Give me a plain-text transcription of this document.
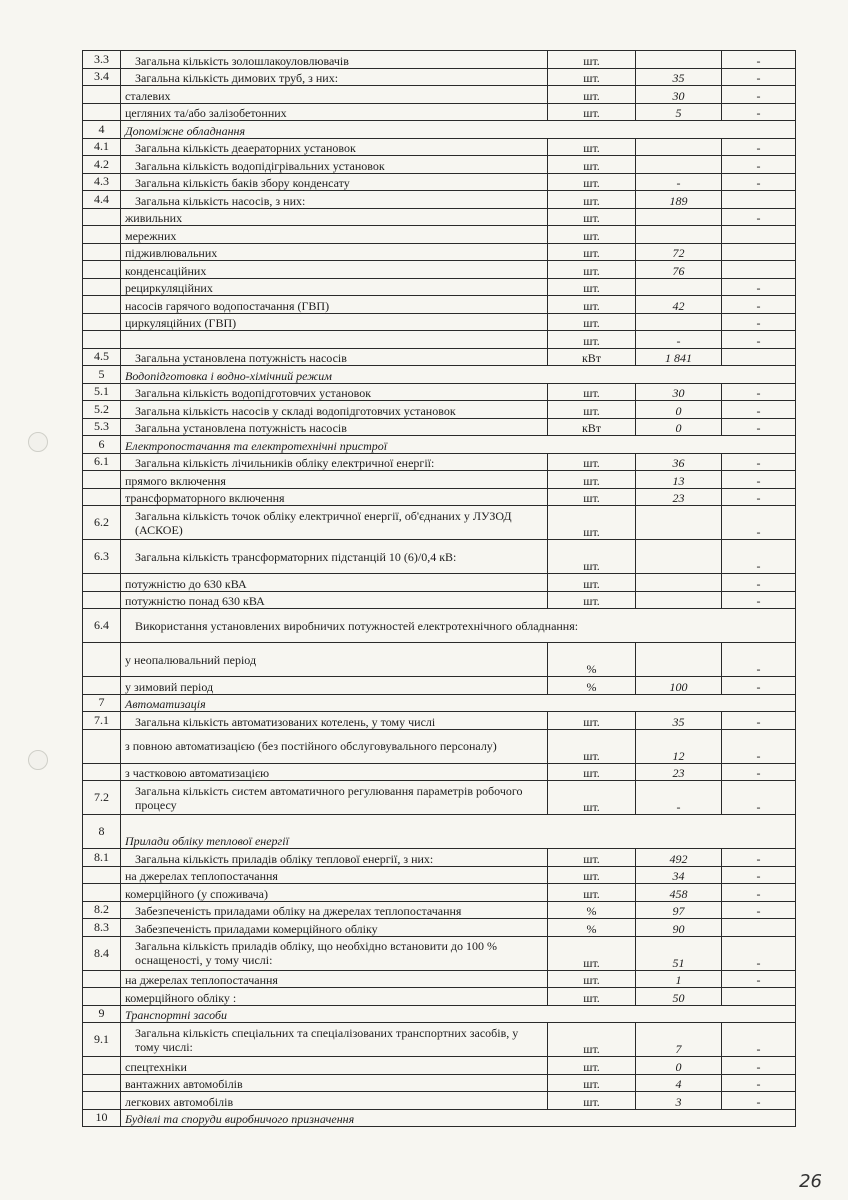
3.3	Загальна кількість золошлакоуловлювачів	шт.		-
3.4	Загальна кількість димових труб, з них:	шт.	35	-
	сталевих	шт.	30	-
	цегляних та/або залізобетонних	шт.	5	-
4	Допоміжне обладнання			
4.1	Загальна кількість деаераторних установок	шт.		-
4.2	Загальна кількість водопідігрівальних установок	шт.		-
4.3	Загальна кількість баків збору конденсату	шт.	-	-
4.4	Загальна кількість насосів, з них:	шт.	189	
	живильних	шт.		-
	мережних	шт.		
	підживлювальних	шт.	72	
	конденсаційних	шт.	76	
	рециркуляційних	шт.		-
	насосів гарячого водопостачання (ГВП)	шт.	42	-
	циркуляційних (ГВП)	шт.		-
		шт.	-	-
4.5	Загальна установлена потужність насосів	кВт	1 841	
5	Водопідготовка і водно-хімічний режим			
5.1	Загальна кількість водопідготовчих установок	шт.	30	-
5.2	Загальна кількість насосів у складі водопідготовчих установок	шт.	0	-
5.3	Загальна установлена потужність насосів	кВт	0	-
6	Електропостачання та електротехнічні пристрої			
6.1	Загальна кількість лічильників обліку електричної енергії:	шт.	36	-
	прямого включення	шт.	13	-
	трансформаторного включення	шт.	23	-
6.2	Загальна кількість точок обліку електричної енергії, об'єднаних у ЛУЗОД (АСКОЕ)	шт.		-
6.3	Загальна кількість трансформаторних підстанцій 10 (6)/0,4 кВ:	шт.		-
	потужністю до 630 кВА	шт.		-
	потужністю понад 630 кВА	шт.		-
6.4	Використання установлених виробничих потужностей електротехнічного обладнання:			
	у неопалювальний період	%		-
	у зимовий період	%	100	-
7	Автоматизація			
7.1	Загальна кількість автоматизованих котелень, у тому числі	шт.	35	-
	з повною автоматизацією (без постійного обслуговувального персоналу)	шт.	12	-
	з частковою автоматизацією	шт.	23	-
7.2	Загальна кількість систем автоматичного регулювання параметрів робочого процесу	шт.	-	-
8	Прилади обліку теплової енергії			
8.1	Загальна кількість приладів обліку теплової енергії, з них:	шт.	492	-
	на джерелах теплопостачання	шт.	34	-
	комерційного (у споживача)	шт.	458	-
8.2	Забезпеченість приладами обліку на джерелах теплопостачання	%	97	-
8.3	Забезпеченість приладами комерційного обліку	%	90	
8.4	Загальна кількість приладів обліку, що необхідно встановити до 100 % оснащеності, у тому числі:	шт.	51	-
	на джерелах теплопостачання	шт.	1	-
	комерційного обліку :	шт.	50	
9	Транспортні засоби			
9.1	Загальна кількість спеціальних та спеціалізованих транспортних засобів, у тому числі:	шт.	7	-
	спецтехніки	шт.	0	-
	вантажних автомобілів	шт.	4	-
	легкових автомобілів	шт.	3	-
10	Будівлі та споруди виробничого призначення			
26
